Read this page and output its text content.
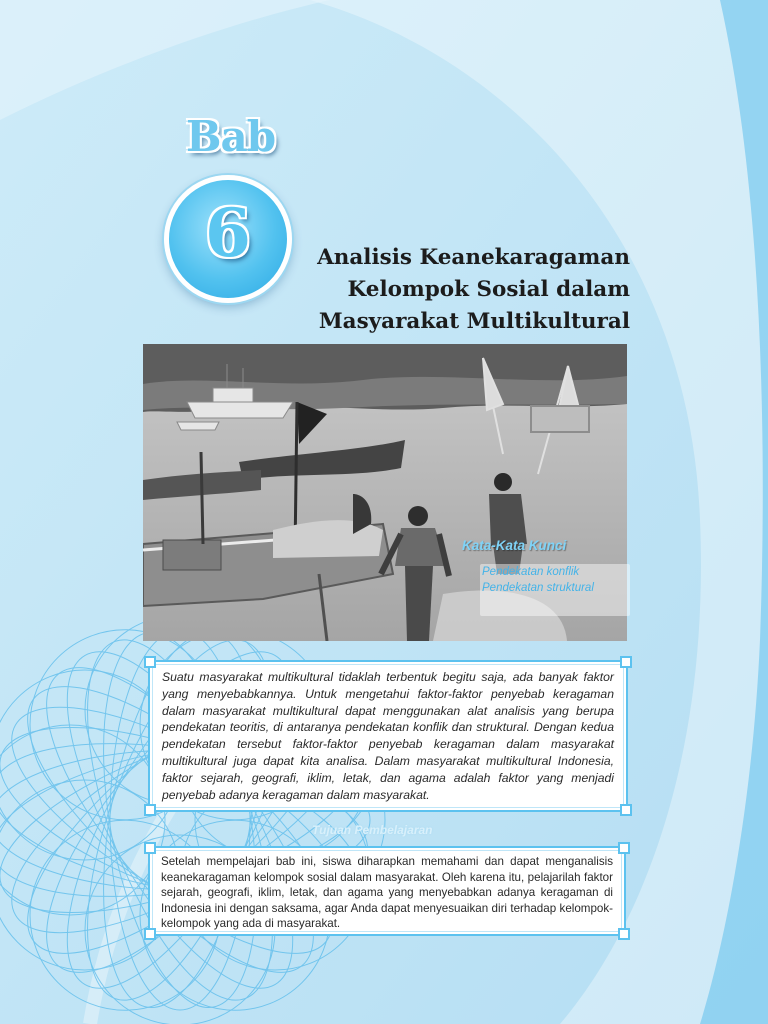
Bab
6	Analisis Keanekaragaman
Kelompok Sosial dalam
Masyarakat Multikultural
Kata-Kata Kunci
Pendekatan konflik
Pendekatan struktural
Suatu masyarakat multikultural tidaklah terbentuk begitu saja, ada banyak faktor yang menyebabkannya. Untuk mengetahui faktor-faktor penyebab keragaman dalam masyarakat multikultural dapat menggunakan alat analisis yang berupa pendekatan teoritis, di antaranya pendekatan konflik dan struktural. Dengan kedua pendekatan tersebut faktor-faktor penyebab keragaman dalam masyarakat multikultural juga dapat kita analisa. Dalam masyarakat multikultural Indonesia, faktor sejarah, geografi, iklim, letak, dan agama adalah faktor yang menjadi penyebab adanya keragaman dalam masyarakat.
Tujuan Pembelajaran
Setelah mempelajari bab ini, siswa diharapkan memahami dan dapat menganalisis keanekaragaman kelompok sosial dalam masyarakat. Oleh karena itu, pelajarilah faktor sejarah, geografi, iklim, letak, dan agama yang menyebabkan adanya keragaman di Indonesia ini dengan saksama, agar Anda dapat menyesuaikan diri terhadap kelompok-kelompok yang ada di masyarakat.
